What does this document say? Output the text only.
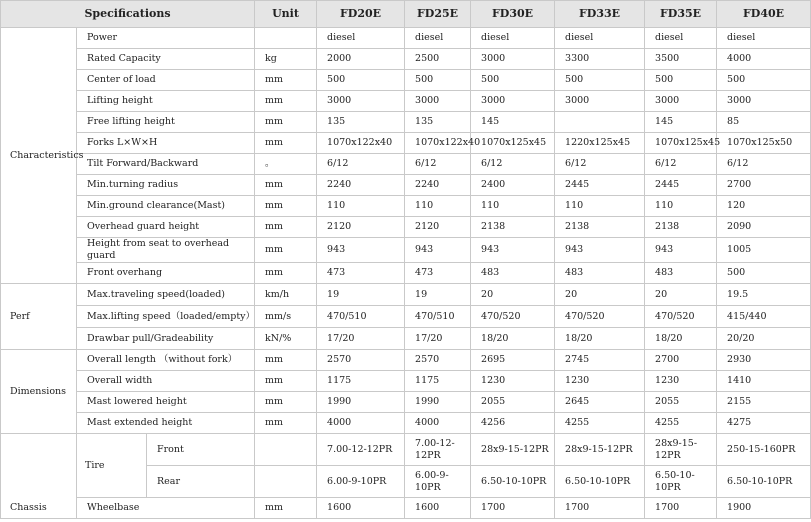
Specifications			Unit	FD20E	FD25E	FD30E	FD33E	FD35E	FD40E
Characteristics	Power			diesel	diesel	diesel	diesel	diesel	diesel
	Rated Capacity		kg	2000	2500	3000	3300	3500	4000
	Center of load		mm	500	500	500	500	500	500
	Lifting height		mm	3000	3000	3000	3000	3000	3000
	Free lifting height		mm	135	135	145		145	85
	Forks L×W×H		mm	1070x122x40	1070x122x40	1070x125x45	1220x125x45	1070x125x45	1070x125x50
	Tilt Forward/Backward		。	6/12	6/12	6/12	6/12	6/12	6/12
	Min.turning radius		mm	2240	2240	2400	2445	2445	2700
	Min.ground clearance(Mast)		mm	110	110	110	110	110	120
	Overhead guard height		mm	2120	2120	2138	2138	2138	2090
	Height from seat to overhead guard		mm	943	943	943	943	943	1005
	Front overhang		mm	473	473	483	483	483	500
Perf	Max.traveling speed(loaded)		km/h	19	19	20	20	20	19.5
	Max.lifting speed（loaded/empty）		mm/s	470/510	470/510	470/520	470/520	470/520	415/440
	Drawbar pull/Gradeability		kN/%	17/20	17/20	18/20	18/20	18/20	20/20
Dimensions	Overall length （without fork）		mm	2570	2570	2695	2745	2700	2930
	Overall width		mm	1175	1175	1230	1230	1230	1410
	Mast lowered height		mm	1990	1990	2055	2645	2055	2155
	Mast extended height		mm	4000	4000	4256	4255	4255	4275
Chassis	Tire	Front		7.00-12-12PR	7.00-12-12PR	28x9-15-12PR	28x9-15-12PR	28x9-15-12PR	250-15-160PR
		Rear		6.00-9-10PR	6.00-9-10PR	6.50-10-10PR	6.50-10-10PR	6.50-10-10PR	6.50-10-10PR
	Wheelbase		mm	1600	1600	1700	1700	1700	1900
